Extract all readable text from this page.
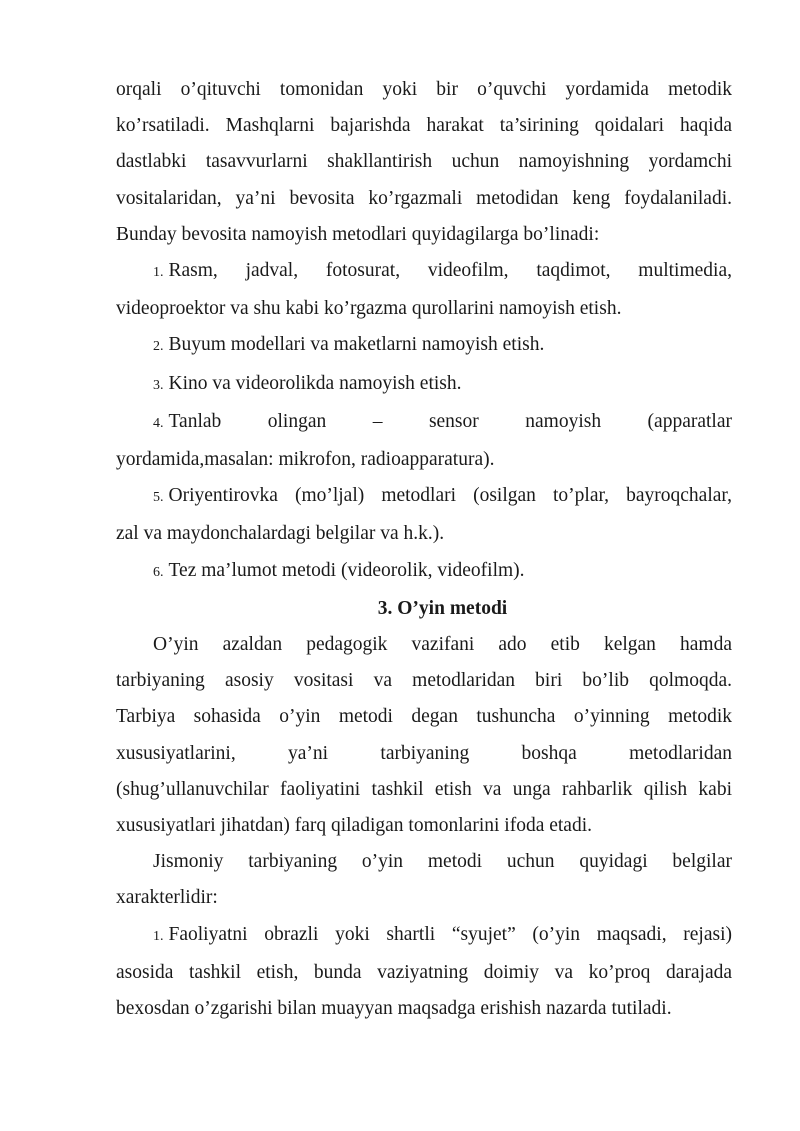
orqali o’qituvchi tomonidan yoki bir o’quvchi yordamida metodik

ko’rsatiladi. Mashqlarni bajarishda harakat ta’sirining qoidalari haqida

dastlabki tasavvurlarni shakllantirish uchun namoyishning yordamchi

vositalaridan, ya’ni bevosita ko’rgazmali metodidan keng foydalaniladi.

Bunday bevosita namoyish metodlari quyidagilarga bo’linadi:

1. Rasm, jadval, fotosurat, videofilm, taqdimot, multimedia,

videoproektor va shu kabi ko’rgazma qurollarini namoyish etish.

2. Buyum modellari va maketlarni namoyish etish.

3. Kino va videorolikda namoyish etish.

4. Tanlab olingan – sensor namoyish (apparatlar

yordamida,masalan: mikrofon, radioapparatura).

5. Oriyentirovka (mo’ljal) metodlari (osilgan to’plar, bayroqchalar,

zal va maydonchalardagi belgilar va h.k.).

6. Tez ma’lumot metodi (videorolik, videofilm).

3. O’yin metodi

O’yin azaldan pedagogik vazifani ado etib kelgan hamda

tarbiyaning asosiy vositasi va metodlaridan biri bo’lib qolmoqda.

Tarbiya sohasida o’yin metodi degan tushuncha o’yinning metodik

xususiyatlarini, ya’ni tarbiyaning boshqa metodlaridan

(shug’ullanuvchilar faoliyatini tashkil etish va unga rahbarlik qilish kabi

xususiyatlari jihatdan) farq qiladigan tomonlarini ifoda etadi.

Jismoniy tarbiyaning o’yin metodi uchun quyidagi belgilar

xarakterlidir:

1. Faoliyatni obrazli yoki shartli “syujet” (o’yin maqsadi, rejasi)

asosida tashkil etish, bunda vaziyatning doimiy va ko’proq darajada

bexosdan o’zgarishi bilan muayyan maqsadga erishish nazarda tutiladi.
